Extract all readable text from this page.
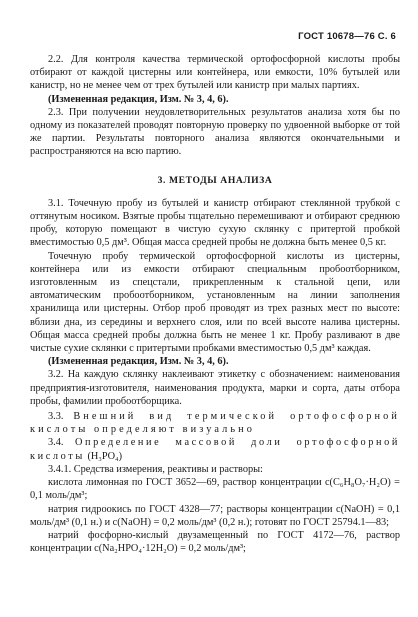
ГОСТ 10678—76 С. 6

2.2. Для контроля качества термической ортофосфорной кислоты пробы отбирают от каждой цистерны или контейнера, или емкости, 10% бутылей или канистр, но не менее чем от трех бутылей или канистр при малых партиях.

(Измененная редакция, Изм. № 3, 4, 6).

2.3. При получении неудовлетворительных результатов анализа хотя бы по одному из показателей проводят повторную проверку по удвоенной выборке от той же партии. Результаты повторного анализа являются окончательными и распространяются на всю партию.

3. МЕТОДЫ АНАЛИЗА

3.1. Точечную пробу из бутылей и канистр отбирают стеклянной трубкой с оттянутым носиком. Взятые пробы тщательно перемешивают и отбирают среднюю пробу, которую помещают в чистую сухую склянку с притертой пробкой вместимостью 0,5 дм³. Общая масса средней пробы не должна быть менее 0,5 кг.

Точечную пробу термической ортофосфорной кислоты из цистерны, контейнера или из емкости отбирают специальным пробоотборником, изготовленным из спецстали, прикрепленным к стальной цепи, или автоматическим пробоотборником, установленным на линии заполнения хранилища или цистерны. Отбор проб проводят из трех разных мест по высоте: вблизи дна, из середины и верхнего слоя, или по всей высоте налива цистерны. Общая масса средней пробы должна быть не менее 1 кг. Пробу разливают в две чистые сухие склянки с притертыми пробками вместимостью 0,5 дм³ каждая.

(Измененная редакция, Изм. № 3, 4, 6).

3.2. На каждую склянку наклеивают этикетку с обозначением: наименования предприятия-изготовителя, наименования продукта, марки и сорта, даты отбора пробы, фамилии пробоотборщика.

3.3. Внешний вид термической ортофосфорной кислоты определяют визуально

3.4. Определение массовой доли ортофосфорной кислоты (H₃PO₄)

3.4.1. Средства измерения, реактивы и растворы:

кислота лимонная по ГОСТ 3652—69, раствор концентрации c(C₆H₈O₇·H₂O) = 0,1 моль/дм³;

натрия гидроокись по ГОСТ 4328—77; растворы концентрации c(NaOH) = 0,1 моль/дм³ (0,1 н.) и c(NaOH) = 0,2 моль/дм³ (0,2 н.); готовят по ГОСТ 25794.1—83;

натрий фосфорно-кислый двузамещенный по ГОСТ 4172—76, раствор концентрации c(Na₂HPO₄·12H₂O) = 0,2 моль/дм³;
